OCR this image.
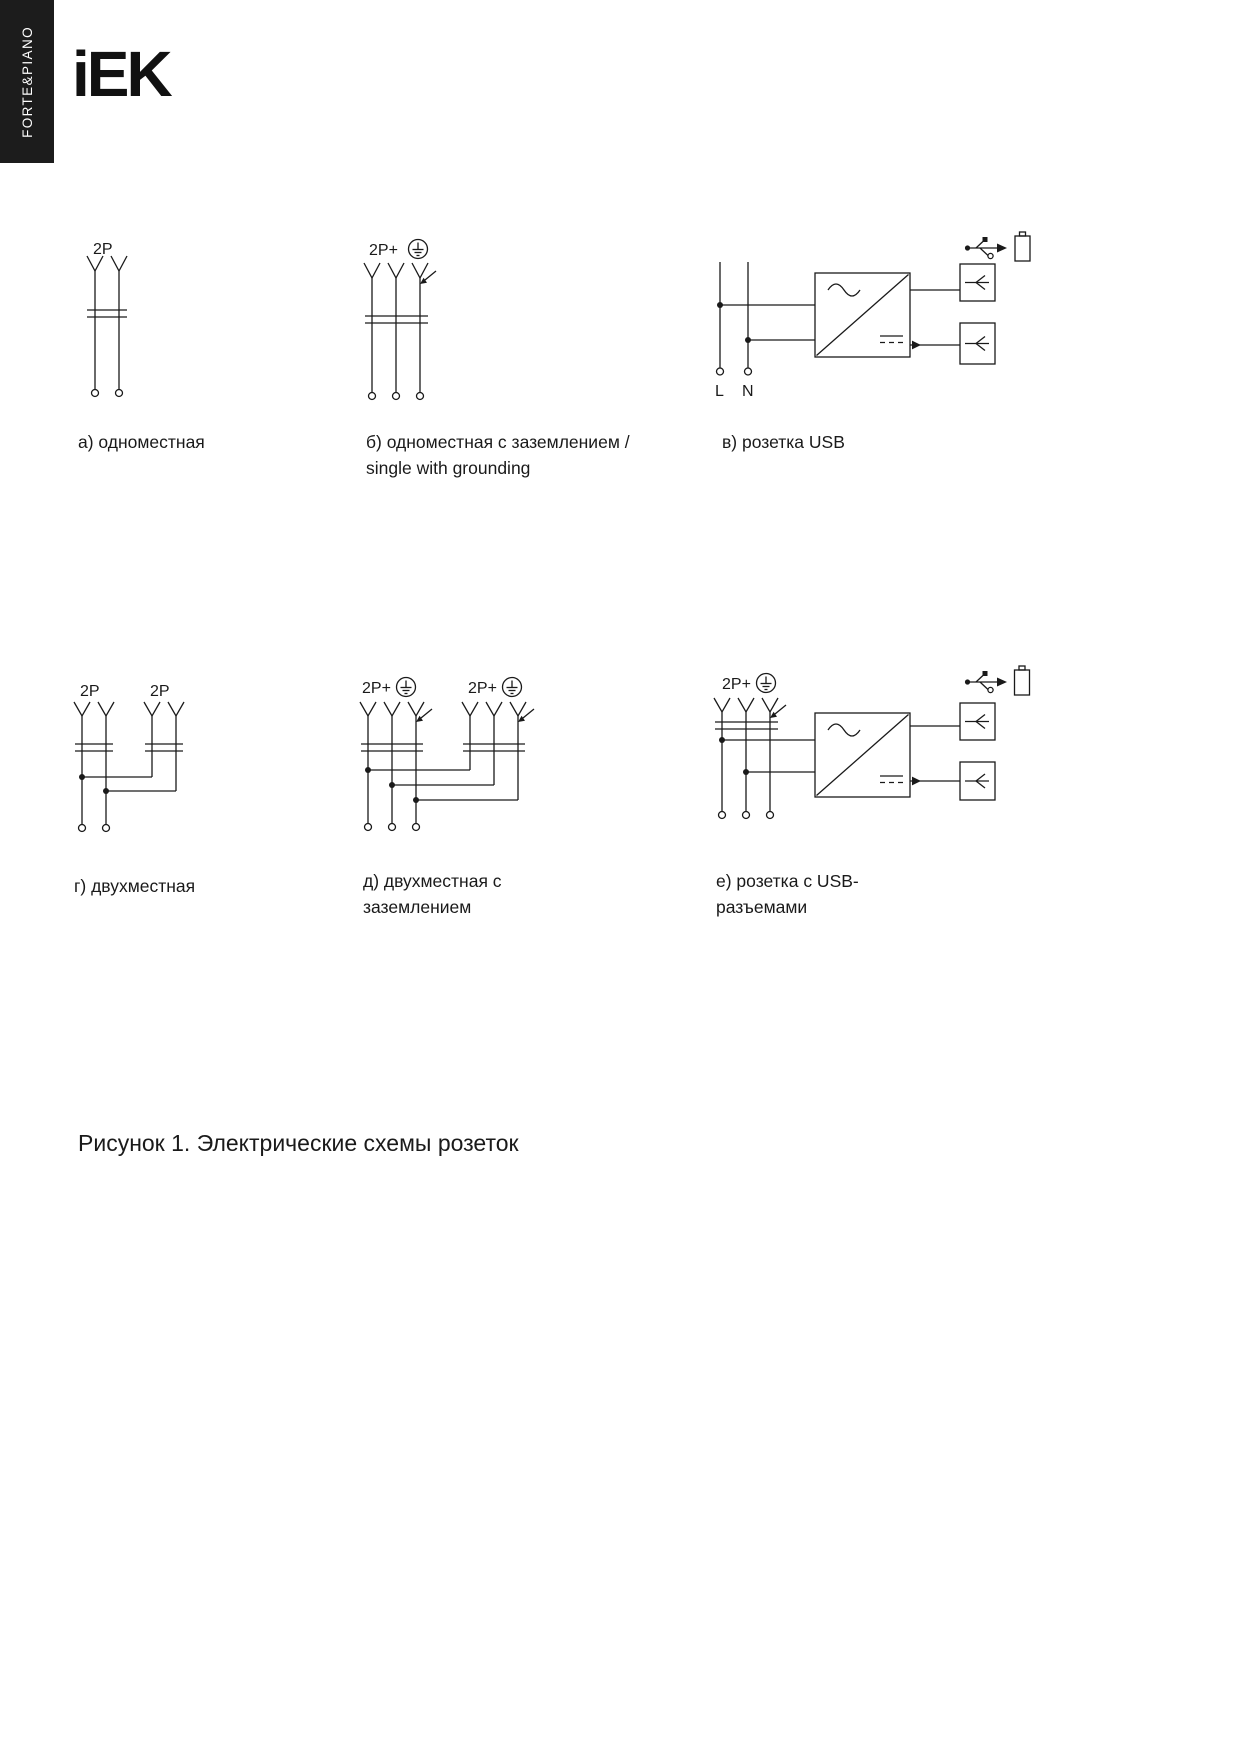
FORTE&PIANO iEK
2P
а) одноместная
2P+
б) одноместная с заземлением /
single with grounding
L N
в) розетка USB
2P	2P
г) двухместная
2P+	2P+
д) двухместная с
заземлением
2P+
е) розетка с USB-
разъемами
Рисунок 1. Электрические схемы розеток
